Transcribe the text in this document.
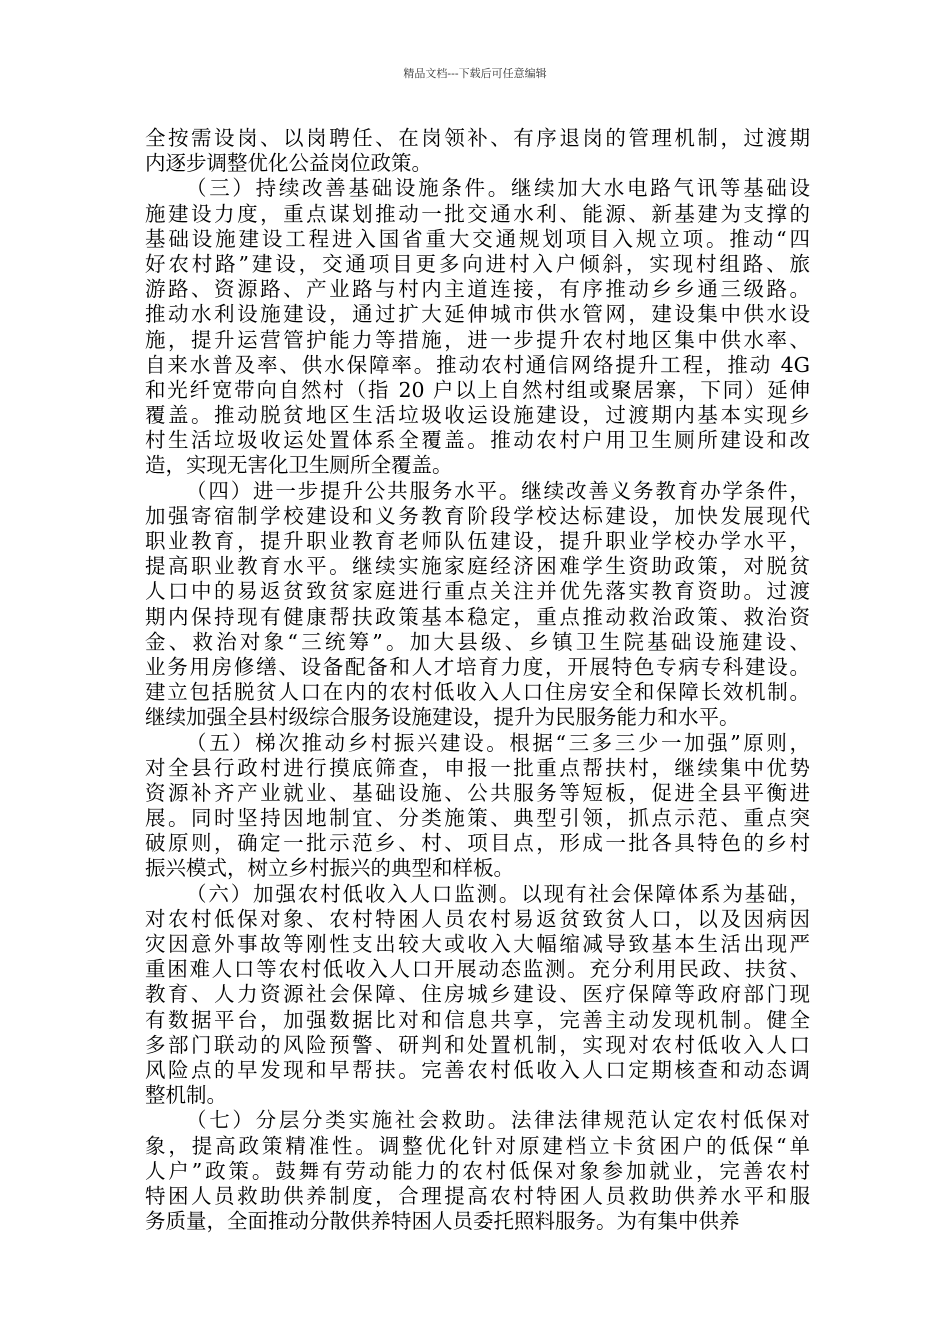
精品文档---下载后可任意编辑
全按需设岗、以岗聘任、在岗领补、有序退岗的管理机制，过渡期
内逐步调整优化公益岗位政策。
（三）持续改善基础设施条件。继续加大水电路气讯等基础设
施建设力度，重点谋划推动一批交通水利、能源、新基建为支撑的
基础设施建设工程进入国省重大交通规划项目入规立项。推动“四
好农村路”建设，交通项目更多向进村入户倾斜，实现村组路、旅
游路、资源路、产业路与村内主道连接，有序推动乡乡通三级路。
推动水利设施建设，通过扩大延伸城市供水管网，建设集中供水设
施，提升运营管护能力等措施，进一步提升农村地区集中供水率、
自来水普及率、供水保障率。推动农村通信网络提升工程，推动 4G
和光纤宽带向自然村（指 20 户以上自然村组或聚居寨，下同）延伸
覆盖。推动脱贫地区生活垃圾收运设施建设，过渡期内基本实现乡
村生活垃圾收运处置体系全覆盖。推动农村户用卫生厕所建设和改
造，实现无害化卫生厕所全覆盖。
（四）进一步提升公共服务水平。继续改善义务教育办学条件，
加强寄宿制学校建设和义务教育阶段学校达标建设，加快发展现代
职业教育，提升职业教育老师队伍建设，提升职业学校办学水平，
提高职业教育水平。继续实施家庭经济困难学生资助政策，对脱贫
人口中的易返贫致贫家庭进行重点关注并优先落实教育资助。过渡
期内保持现有健康帮扶政策基本稳定，重点推动救治政策、救治资
金、救治对象“三统筹”。加大县级、乡镇卫生院基础设施建设、
业务用房修缮、设备配备和人才培育力度，开展特色专病专科建设。
建立包括脱贫人口在内的农村低收入人口住房安全和保障长效机制。
继续加强全县村级综合服务设施建设，提升为民服务能力和水平。
（五）梯次推动乡村振兴建设。根据“三多三少一加强”原则，
对全县行政村进行摸底筛查，申报一批重点帮扶村，继续集中优势
资源补齐产业就业、基础设施、公共服务等短板，促进全县平衡进
展。同时坚持因地制宜、分类施策、典型引领，抓点示范、重点突
破原则，确定一批示范乡、村、项目点，形成一批各具特色的乡村
振兴模式，树立乡村振兴的典型和样板。
（六）加强农村低收入人口监测。以现有社会保障体系为基础，
对农村低保对象、农村特困人员农村易返贫致贫人口，以及因病因
灾因意外事故等刚性支出较大或收入大幅缩减导致基本生活出现严
重困难人口等农村低收入人口开展动态监测。充分利用民政、扶贫、
教育、人力资源社会保障、住房城乡建设、医疗保障等政府部门现
有数据平台，加强数据比对和信息共享，完善主动发现机制。健全
多部门联动的风险预警、研判和处置机制，实现对农村低收入人口
风险点的早发现和早帮扶。完善农村低收入人口定期核查和动态调
整机制。
（七）分层分类实施社会救助。法律法律规范认定农村低保对
象，提高政策精准性。调整优化针对原建档立卡贫困户的低保“单
人户”政策。鼓舞有劳动能力的农村低保对象参加就业，完善农村
特困人员救助供养制度，合理提高农村特困人员救助供养水平和服
务质量，全面推动分散供养特困人员委托照料服务。为有集中供养
